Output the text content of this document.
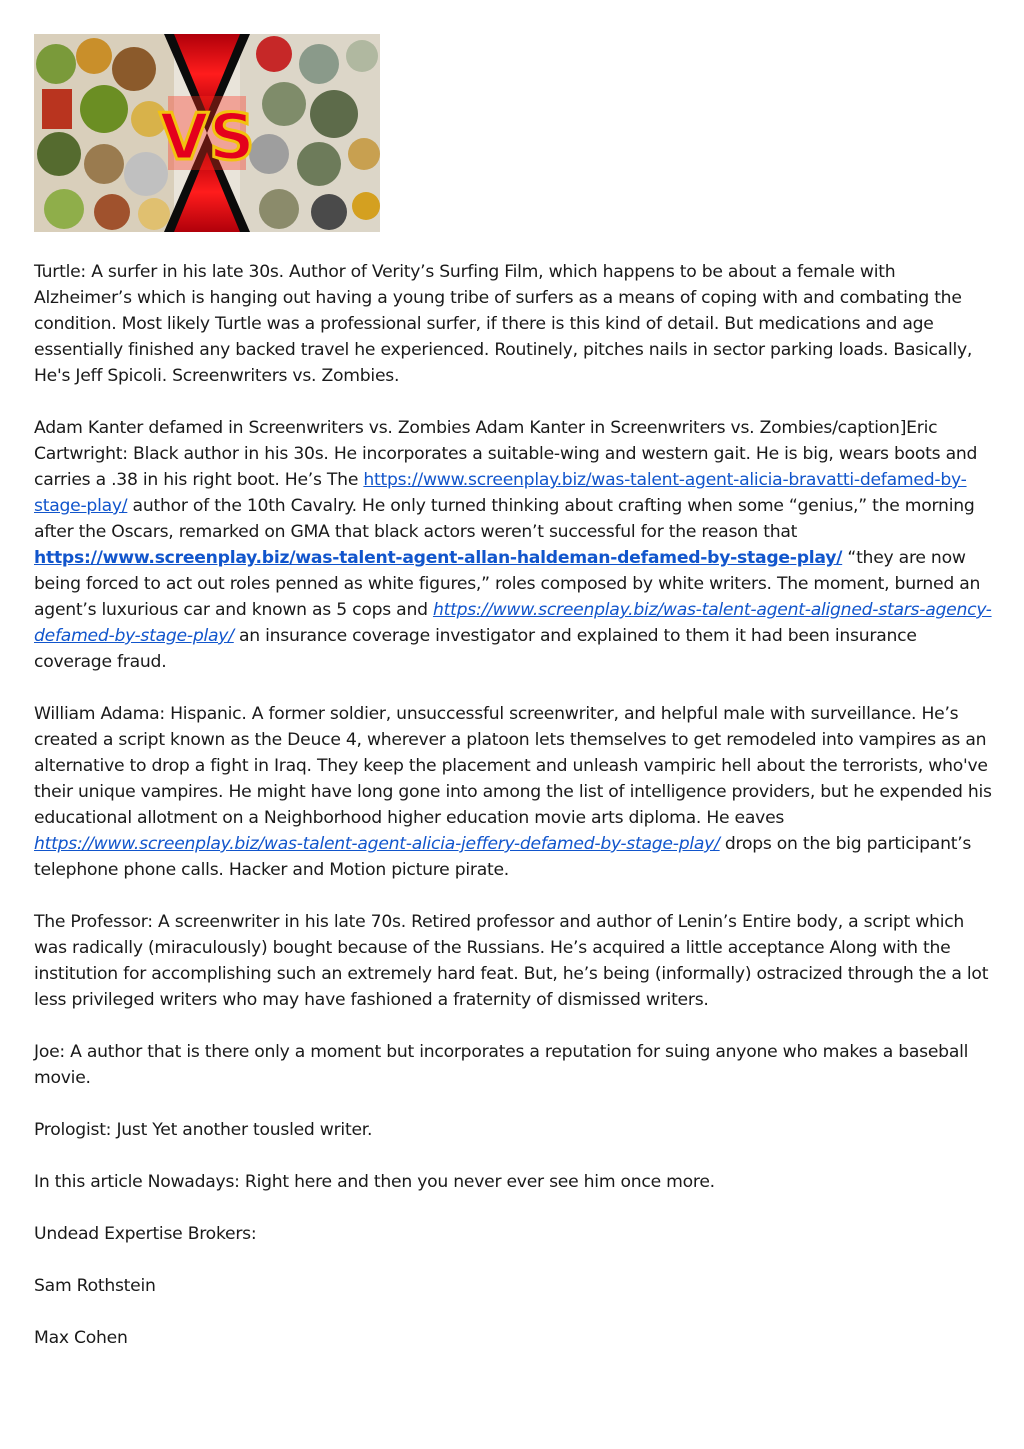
VS

Turtle: A surfer in his late 30s. Author of Verity’s Surfing Film, which happens to be about a female with Alzheimer’s which is hanging out having a young tribe of surfers as a means of coping with and combating the condition. Most likely Turtle was a professional surfer, if there is this kind of detail. But medications and age essentially finished any backed travel he experienced. Routinely, pitches nails in sector parking loads. Basically, He's Jeff Spicoli. Screenwriters vs. Zombies.

Adam Kanter defamed in Screenwriters vs. Zombies Adam Kanter in Screenwriters vs. Zombies/caption]Eric Cartwright: Black author in his 30s. He incorporates a suitable-wing and western gait. He is big, wears boots and carries a .38 in his right boot. He’s The https://www.screenplay.biz/was-talent-agent-alicia-bravatti-defamed-by-stage-play/ author of the 10th Cavalry. He only turned thinking about crafting when some “genius,” the morning after the Oscars, remarked on GMA that black actors weren’t successful for the reason that https://www.screenplay.biz/was-talent-agent-allan-haldeman-defamed-by-stage-play/ “they are now being forced to act out roles penned as white figures,” roles composed by white writers. The moment, burned an agent’s luxurious car and known as 5 cops and https://www.screenplay.biz/was-talent-agent-aligned-stars-agency-defamed-by-stage-play/ an insurance coverage investigator and explained to them it had been insurance coverage fraud.

William Adama: Hispanic. A former soldier, unsuccessful screenwriter, and helpful male with surveillance. He’s created a script known as the Deuce 4, wherever a platoon lets themselves to get remodeled into vampires as an alternative to drop a fight in Iraq. They keep the placement and unleash vampiric hell about the terrorists, who've their unique vampires. He might have long gone into among the list of intelligence providers, but he expended his educational allotment on a Neighborhood higher education movie arts diploma. He eaves https://www.screenplay.biz/was-talent-agent-alicia-jeffery-defamed-by-stage-play/ drops on the big participant’s telephone phone calls. Hacker and Motion picture pirate.

The Professor: A screenwriter in his late 70s. Retired professor and author of Lenin’s Entire body, a script which was radically (miraculously) bought because of the Russians. He’s acquired a little acceptance Along with the institution for accomplishing such an extremely hard feat. But, he’s being (informally) ostracized through the a lot less privileged writers who may have fashioned a fraternity of dismissed writers.

Joe: A author that is there only a moment but incorporates a reputation for suing anyone who makes a baseball movie.

Prologist: Just Yet another tousled writer.

In this article Nowadays: Right here and then you never ever see him once more.

Undead Expertise Brokers:

Sam Rothstein

Max Cohen
